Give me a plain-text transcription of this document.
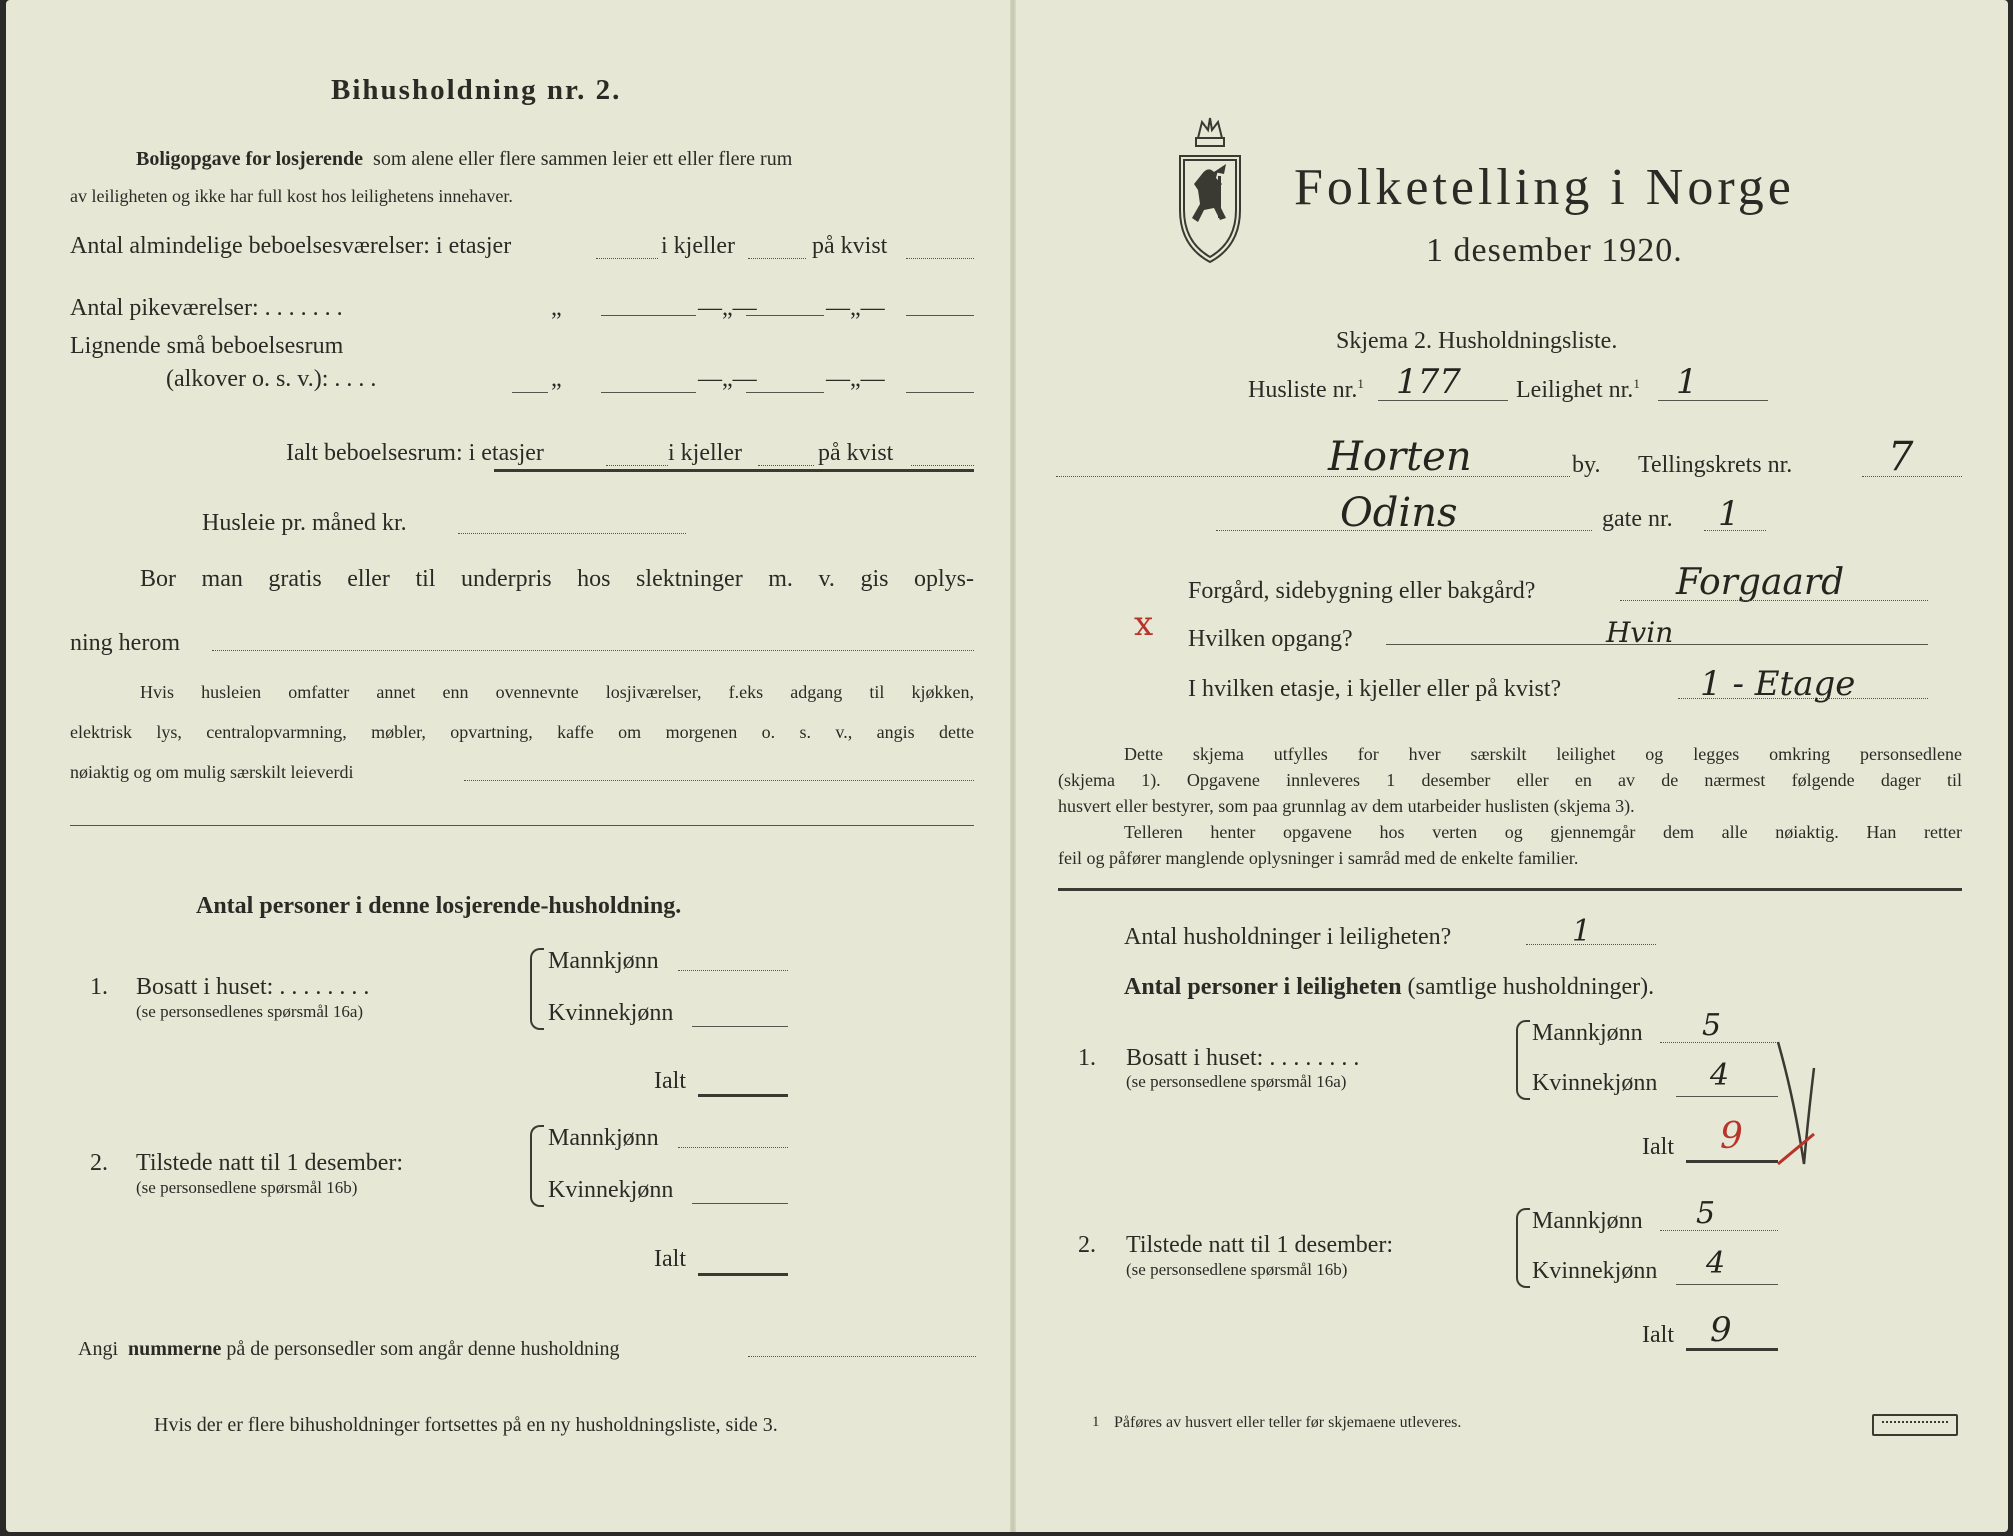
Bihusholdning nr. 2.
Boligopgave for losjerende som alene eller flere sammen leier ett eller flere rum
av leiligheten og ikke har full kost hos leilighetens innehaver.
Antal almindelige beboelsesværelser: i etasjer	i kjeller	på kvist
Antal pikeværelser: . . . . . . .	„	—„—	—„—
Lignende små beboelsesrum
(alkover o. s. v.): . . . .	„	—„—	—„—
Ialt beboelsesrum: i etasjer	i kjeller	på kvist
Husleie pr. måned kr.
Bor man gratis eller til underpris hos slektninger m. v. gis oplys-
ning herom
Hvis husleien omfatter annet enn ovennevnte losjiværelser, f.eks adgang til kjøkken,
elektrisk lys, centralopvarmning, møbler, opvartning, kaffe om morgenen o. s. v., angis dette
nøiaktig og om mulig særskilt leieverdi
Antal personer i denne losjerende-husholdning.
1. Bosatt i huset: . . . . . . . .
(se personsedlenes spørsmål 16a)
Mannkjønn
Kvinnekjønn
Ialt
2. Tilstede natt til 1 desember:
(se personsedlene spørsmål 16b)
Mannkjønn
Kvinnekjønn
Ialt
Angi nummerne på de personsedler som angår denne husholdning
Hvis der er flere bihusholdninger fortsettes på en ny husholdningsliste, side 3.
Folketelling i Norge
1 desember 1920.
Skjema 2. Husholdningsliste.
Husliste nr.$^1$ 177 Leilighet nr.$^1$ 1
Horten	by. Tellingskrets nr. 7
Odins	gate nr. 1
Forgård, sidebygning eller bakgård?	Forgaard
x Hvilken opgang?	Hvin
I hvilken etasje, i kjeller eller på kvist?	1 - Etage
Dette skjema utfylles for hver særskilt leilighet og legges omkring personsedlene
(skjema 1). Opgavene innleveres 1 desember eller en av de nærmest følgende dager til
husvert eller bestyrer, som paa grunnlag av dem utarbeider huslisten (skjema 3).
Telleren henter opgavene hos verten og gjennemgår dem alle nøiaktig. Han retter
feil og påfører manglende oplysninger i samråd med de enkelte familier.
Antal husholdninger i leiligheten?	1
Antal personer i leiligheten (samtlige husholdninger).
1. Bosatt i huset: . . . . . . . .
(se personsedlene spørsmål 16a)
Mannkjønn 5
Kvinnekjønn 4
Ialt 9
2. Tilstede natt til 1 desember:
(se personsedlene spørsmål 16b)
Mannkjønn 5
Kvinnekjønn 4
Ialt 9
1 Påføres av husvert eller teller før skjemaene utleveres.
